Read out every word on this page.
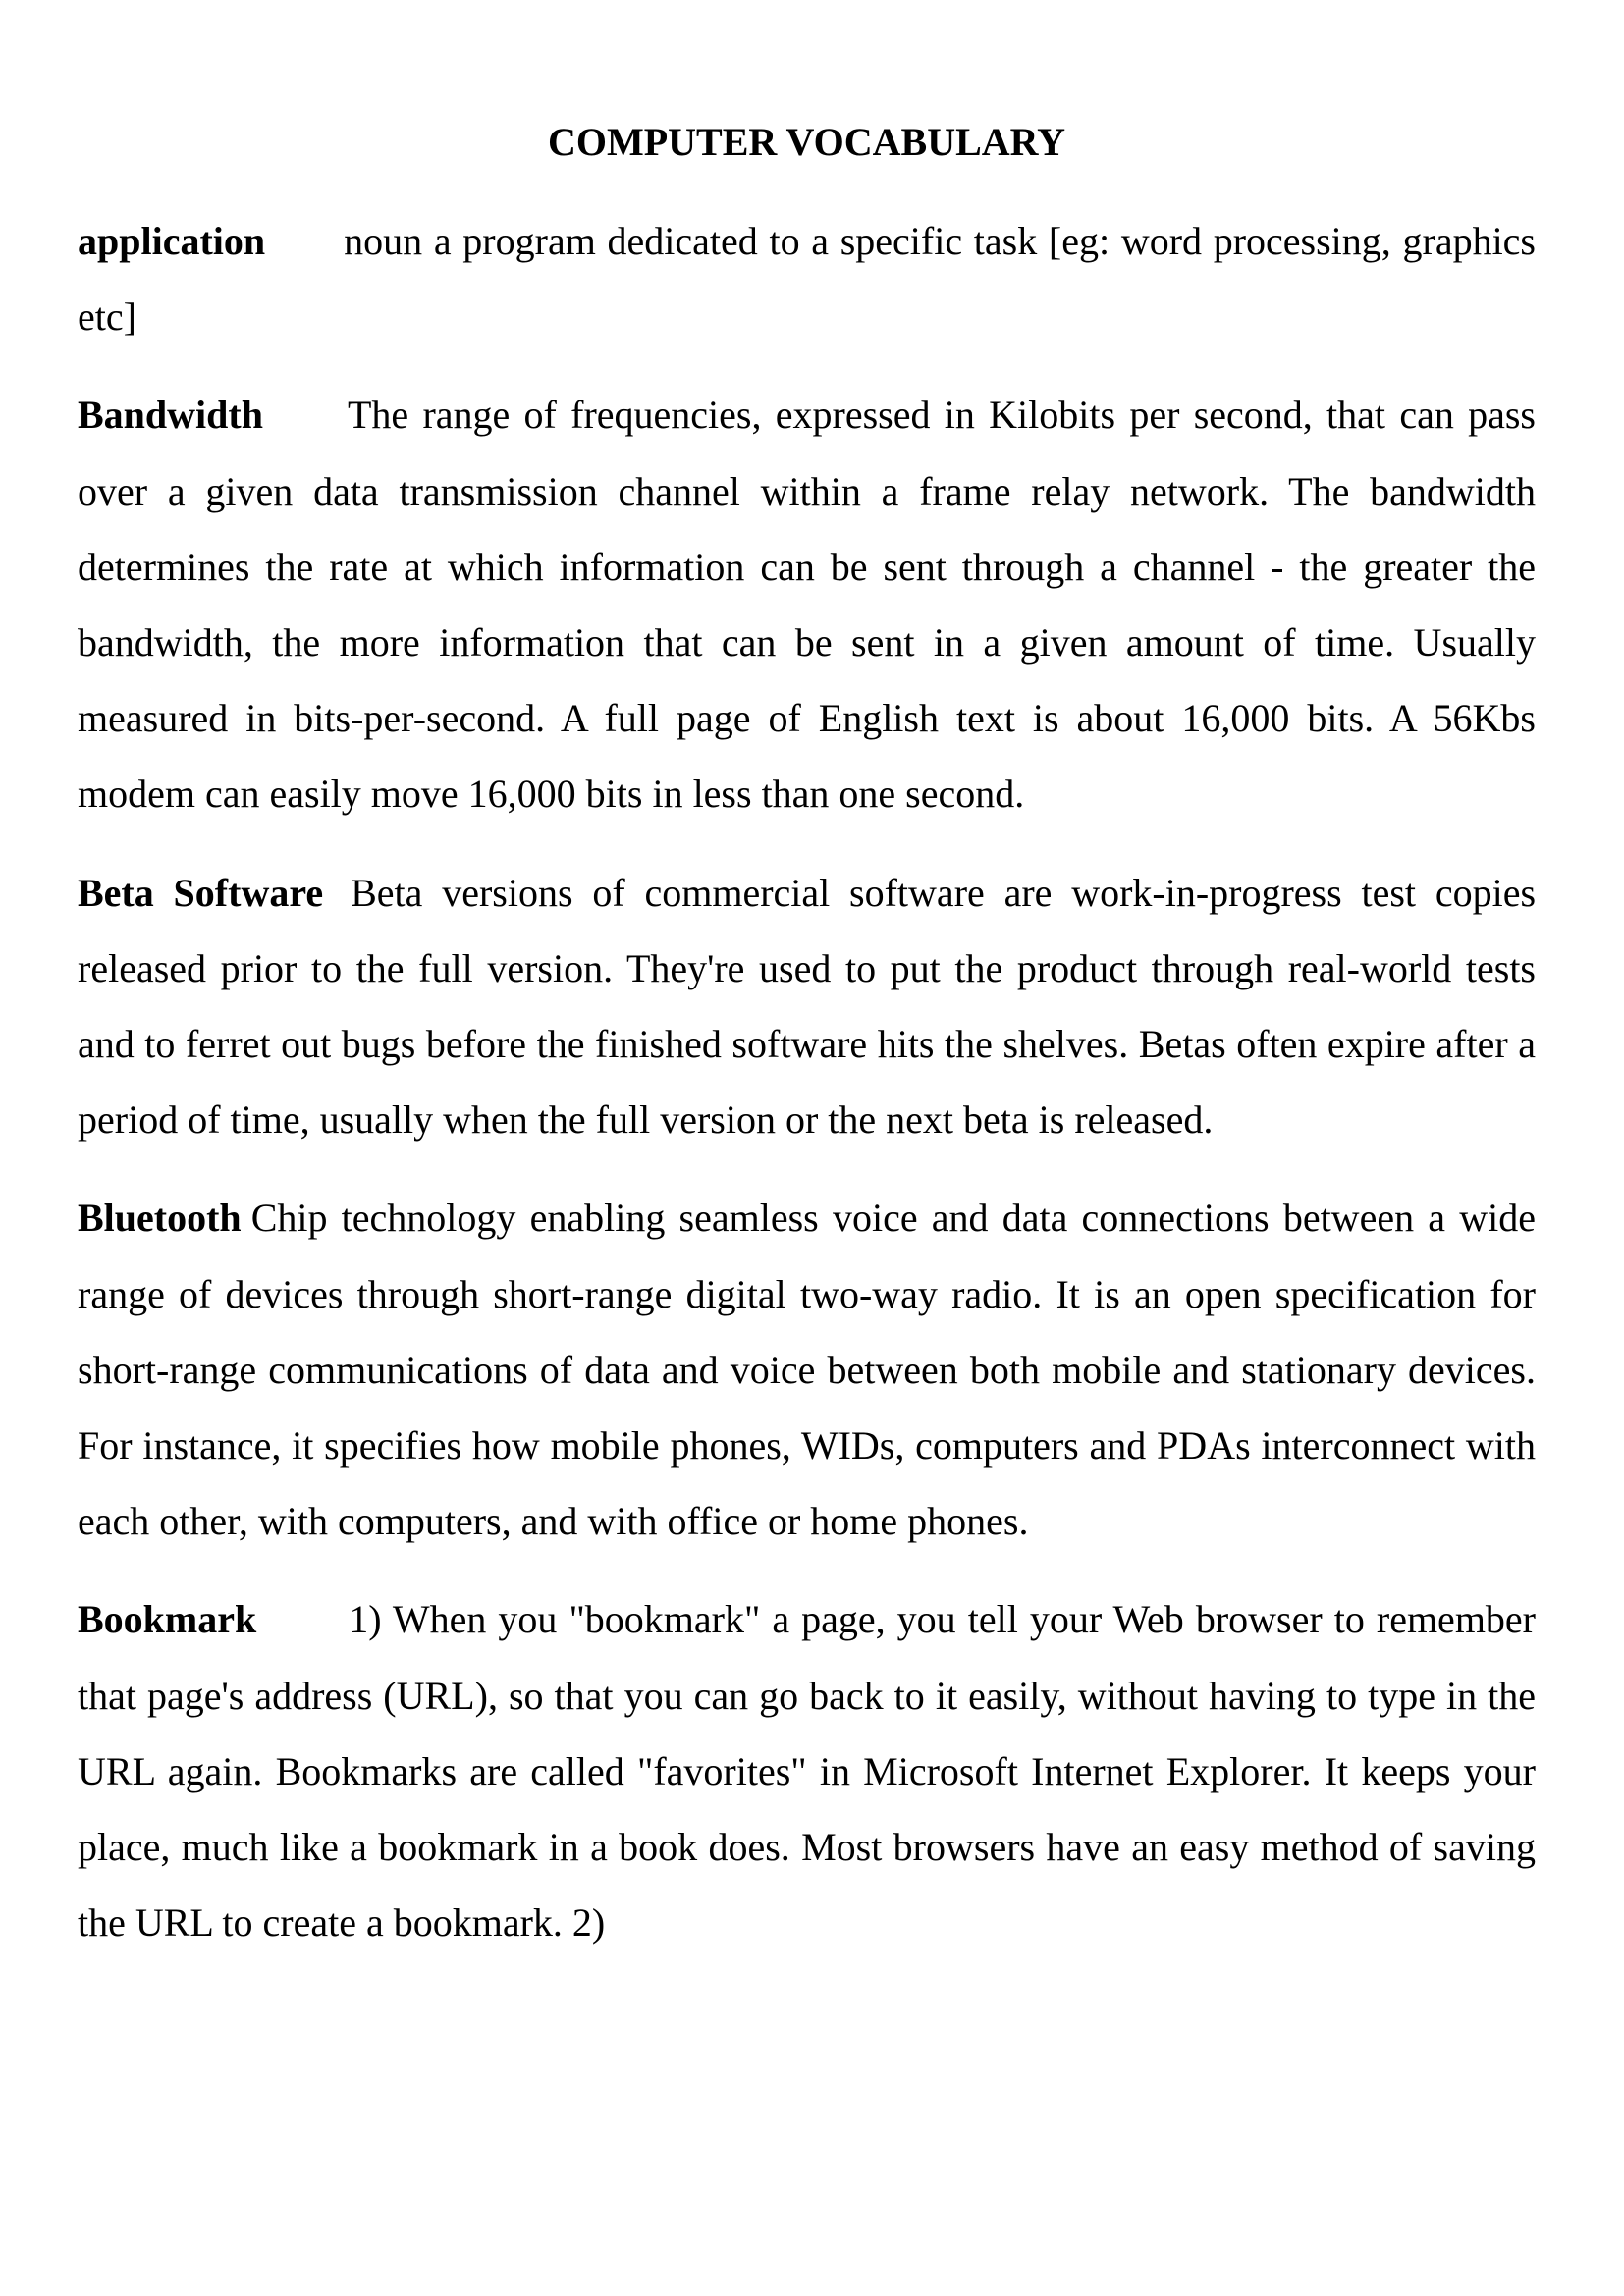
COMPUTER VOCABULARY

application noun a program dedicated to a specific task [eg: word processing, graphics etc]

Bandwidth The range of frequencies, expressed in Kilobits per second, that can pass over a given data transmission channel within a frame relay network. The bandwidth determines the rate at which information can be sent through a channel - the greater the bandwidth, the more information that can be sent in a given amount of time. Usually measured in bits-per-second. A full page of English text is about 16,000 bits. A 56Kbs modem can easily move 16,000 bits in less than one second.

Beta Software Beta versions of commercial software are work-in-progress test copies released prior to the full version. They're used to put the product through real-world tests and to ferret out bugs before the finished software hits the shelves. Betas often expire after a period of time, usually when the full version or the next beta is released.

Bluetooth Chip technology enabling seamless voice and data connections between a wide range of devices through short-range digital two-way radio. It is an open specification for short-range communications of data and voice between both mobile and stationary devices. For instance, it specifies how mobile phones, WIDs, computers and PDAs interconnect with each other, with computers, and with office or home phones.

Bookmark 1) When you "bookmark" a page, you tell your Web browser to remember that page's address (URL), so that you can go back to it easily, without having to type in the URL again. Bookmarks are called "favorites" in Microsoft Internet Explorer. It keeps your place, much like a bookmark in a book does. Most browsers have an easy method of saving the URL to create a bookmark. 2)
